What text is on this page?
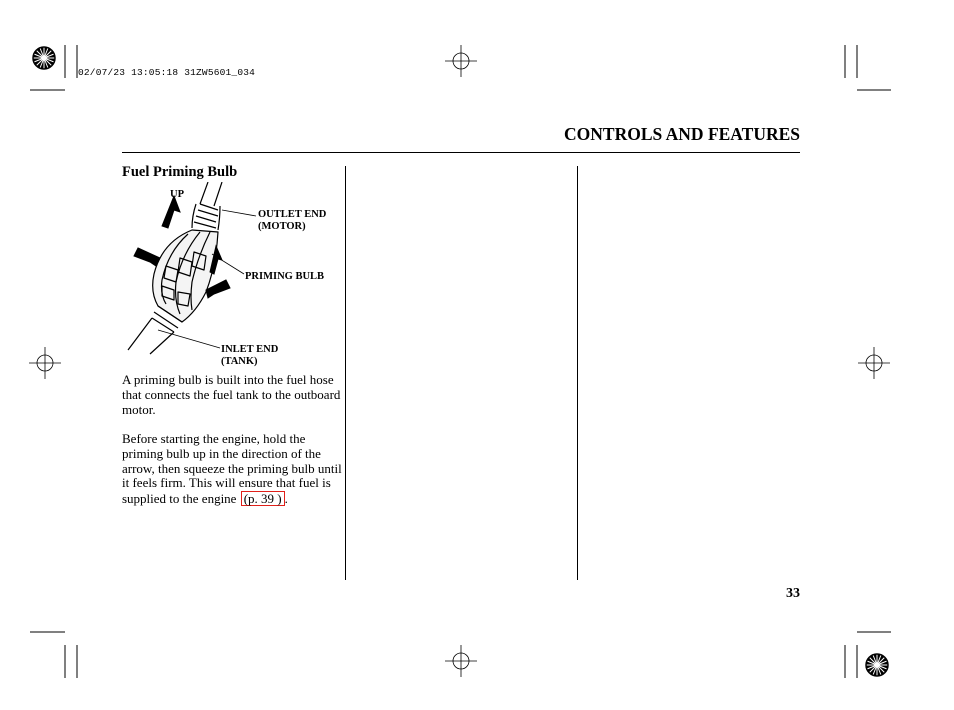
02/07/23 13:05:18 31ZW5601_034
CONTROLS AND FEATURES
Fuel Priming Bulb
UP
OUTLET END
(MOTOR)
PRIMING BULB
INLET END
(TANK)
A priming bulb is built into the fuel hose that connects the fuel tank to the outboard motor.
Before starting the engine, hold the priming bulb up in the direction of the arrow, then squeeze the priming bulb until it feels firm. This will ensure that fuel is supplied to the engine (p. 39 ) .
33
